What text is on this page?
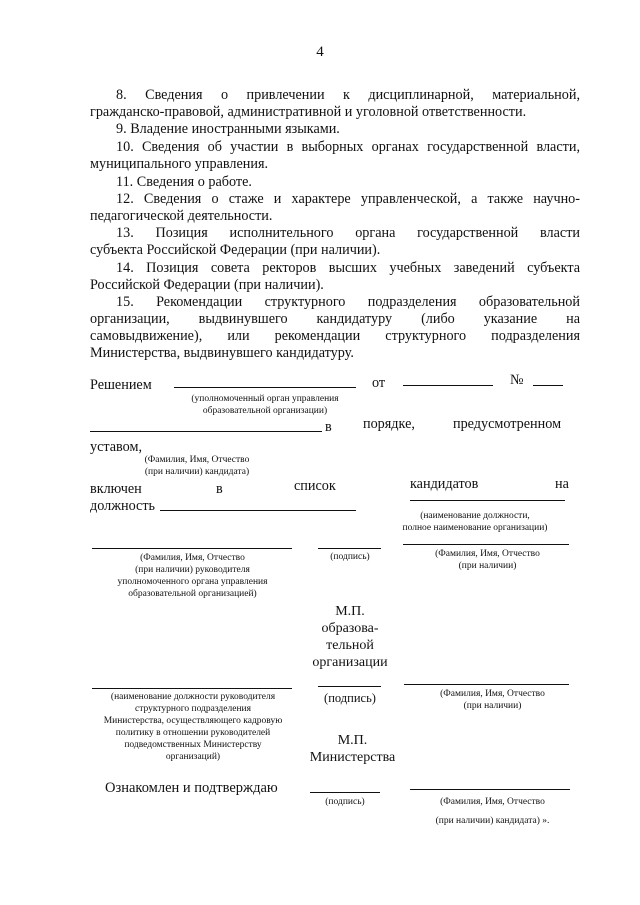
4
8. Сведения о привлечении к дисциплинарной, материальной,
гражданско-правовой, административной и уголовной ответственности.
9. Владение иностранными языками.
10. Сведения об участии в выборных органах государственной власти,
муниципального управления.
11. Сведения о работе.
12. Сведения о стаже и характере управленческой, а также научно-
педагогической деятельности.
13. Позиция исполнительного органа государственной власти
субъекта Российской Федерации (при наличии).
14. Позиция совета ректоров высших учебных заведений субъекта
Российской Федерации (при наличии).
15. Рекомендации структурного подразделения образовательной
организации, выдвинувшего кандидатуру (либо указание на
самовыдвижение), или рекомендации структурного подразделения
Министерства, выдвинувшего кандидатуру.
Решением	от	№
(уполномоченный орган управления
образовательной организации)
в порядке,	предусмотренном
уставом,
(Фамилия, Имя, Отчество
(при наличии) кандидата)
включен	в	список	кандидатов	на
должность
(наименование должности,
полное наименование организации)
(Фамилия, Имя, Отчество
(при наличии) руководителя
уполномоченного органа управления
образовательной организацией)
(подпись)	(Фамилия, Имя, Отчество
(при наличии)
М.П.
образова-
тельной
организации
(наименование должности руководителя
структурного подразделения
Министерства, осуществляющего кадровую
политику в отношении руководителей
подведомственных Министерству
организаций)
(подпись)	(Фамилия, Имя, Отчество
(при наличии)
М.П.
Министерства
Ознакомлен и подтверждаю
(подпись)	(Фамилия, Имя, Отчество
(при наличии) кандидата) ».
